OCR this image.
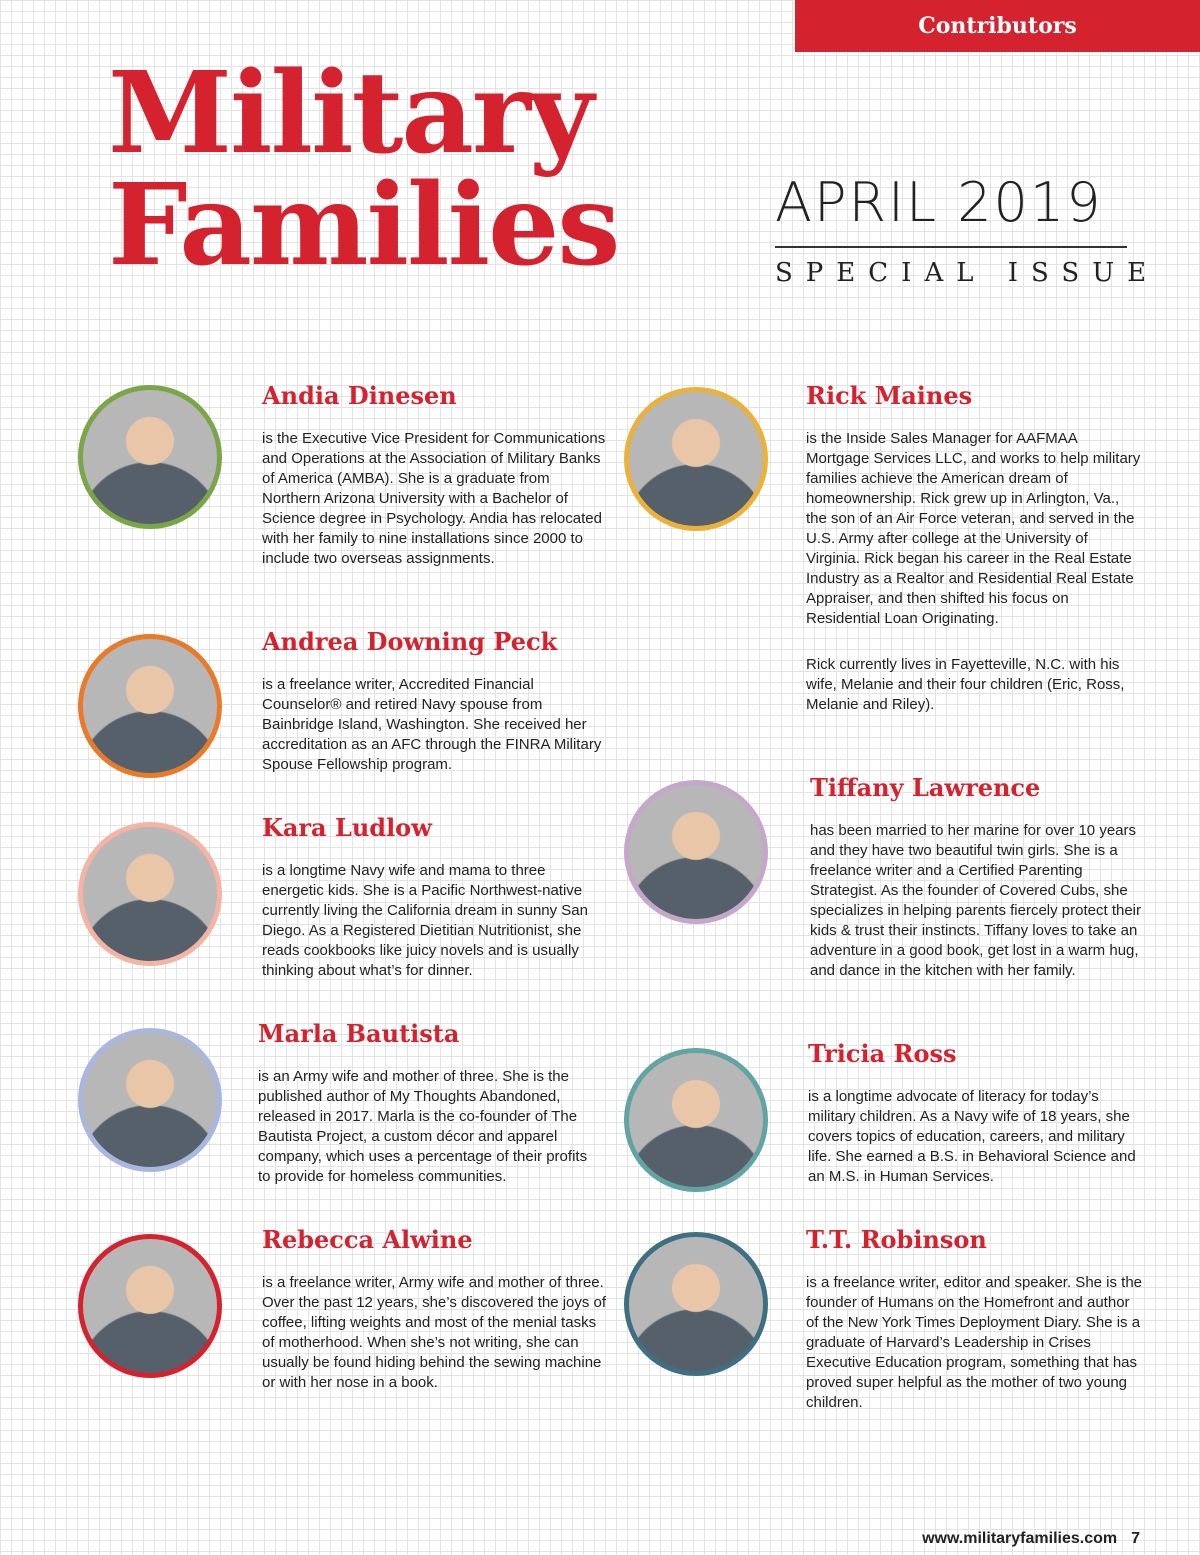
Contributors
Military
Families	APRIL 2019
SPECIAL ISSUE
Andia Dinesen

is the Executive Vice President for Communications and Operations at the Association of Military Banks of America (AMBA). She is a graduate from Northern Arizona University with a Bachelor of Science degree in Psychology. Andia has relocated with her family to nine installations since 2000 to include two overseas assignments.

Andrea Downing Peck

is a freelance writer, Accredited Financial Counselor® and retired Navy spouse from Bainbridge Island, Washington. She received her accreditation as an AFC through the FINRA Military Spouse Fellowship program.

Kara Ludlow

is a longtime Navy wife and mama to three energetic kids. She is a Pacific Northwest-native currently living the California dream in sunny San Diego. As a Registered Dietitian Nutritionist, she reads cookbooks like juicy novels and is usually thinking about what’s for dinner.

Marla Bautista

is an Army wife and mother of three. She is the published author of My Thoughts Abandoned, released in 2017. Marla is the co-founder of The Bautista Project, a custom décor and apparel company, which uses a percentage of their profits to provide for homeless communities.

Rebecca Alwine

is a freelance writer, Army wife and mother of three. Over the past 12 years, she’s discovered the joys of coffee, lifting weights and most of the menial tasks of motherhood. When she’s not writing, she can usually be found hiding behind the sewing machine or with her nose in a book.

Rick Maines

is the Inside Sales Manager for AAFMAA Mortgage Services LLC, and works to help military families achieve the American dream of homeownership. Rick grew up in Arlington, Va., the son of an Air Force veteran, and served in the U.S. Army after college at the University of Virginia. Rick began his career in the Real Estate Industry as a Realtor and Residential Real Estate Appraiser, and then shifted his focus on Residential Loan Originating.

Rick currently lives in Fayetteville, N.C. with his wife, Melanie and their four children (Eric, Ross, Melanie and Riley).

Tiffany Lawrence

has been married to her marine for over 10 years and they have two beautiful twin girls. She is a freelance writer and a Certified Parenting Strategist. As the founder of Covered Cubs, she specializes in helping parents fiercely protect their kids & trust their instincts. Tiffany loves to take an adventure in a good book, get lost in a warm hug, and dance in the kitchen with her family.

Tricia Ross

is a longtime advocate of literacy for today’s military children. As a Navy wife of 18 years, she covers topics of education, careers, and military life. She earned a B.S. in Behavioral Science and an M.S. in Human Services.

T.T. Robinson

is a freelance writer, editor and speaker. She is the founder of Humans on the Homefront and author of the New York Times Deployment Diary. She is a graduate of Harvard’s Leadership in Crises Executive Education program, something that has proved super helpful as the mother of two young children.

www.militaryfamilies.com 7
